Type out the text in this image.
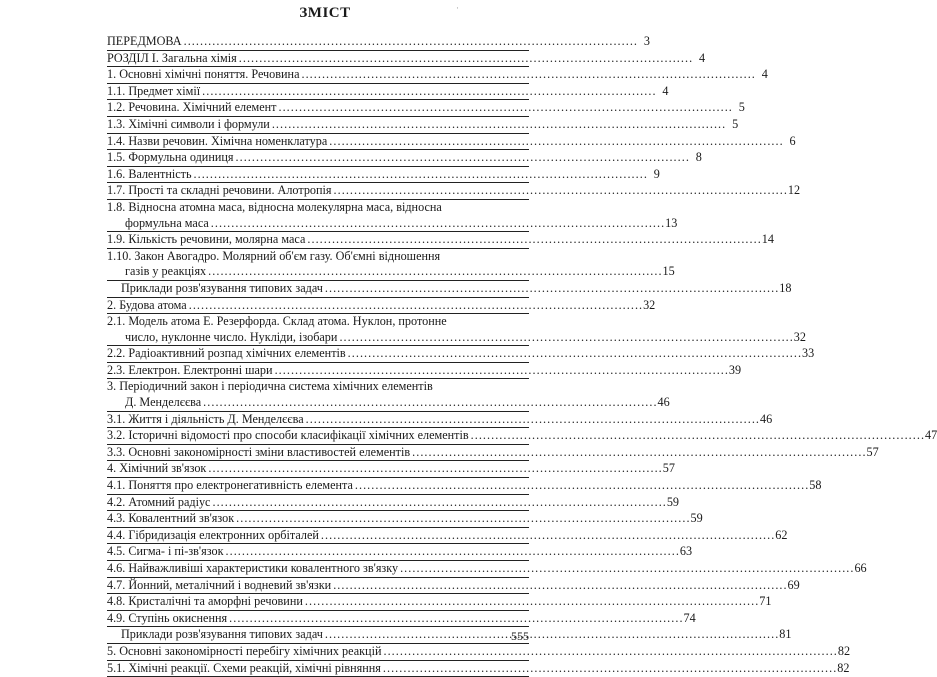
ЗМІСТ	·
ПЕРЕДМОВА . . .	3
РОЗДІЛ І. Загальна хімія . . .	4
1. Основні хімічні поняття. Речовина . . .	4
1.1. Предмет хімії . . .	4
1.2. Речовина. Хімічний елемент . . .	5
1.3. Хімічні символи і формули . . .	5
1.4. Назви речовин. Хімічна номенклатура . . .	6
1.5. Формульна одиниця . . .	8
1.6. Валентність . . .	9
1.7. Прості та складні речовини. Алотропія . . .	12
1.8. Відносна атомна маса, відносна молекулярна маса, відносна
формульна маса . . .	13
1.9. Кількість речовини, молярна маса . . .	14
1.10. Закон Авогадро. Молярний об'єм газу. Об'ємні відношення
газів у реакціях . . .	15
Приклади розв'язування типових задач . . .	18
2. Будова атома . . .	32
2.1. Модель атома Е. Резерфорда. Склад атома. Нуклон, протонне
число, нуклонне число. Нукліди, ізобари . . .	32
2.2. Радіоактивний розпад хімічних елементів . . .	33
2.3. Електрон. Електронні шари . . .	39
3. Періодичний закон і періодична система хімічних елементів
Д. Менделєєва . . .	46
3.1. Життя і діяльність Д. Менделєєва . . .	46
3.2. Історичні відомості про способи класифікації хімічних елементів . . .	47
3.3. Основні закономірності зміни властивостей елементів . . .	57
4. Хімічний зв'язок . . .	57
4.1. Поняття про електронегативність елемента . . .	58
4.2. Атомний радіус . . .	59
4.3. Ковалентний зв'язок . . .	59
4.4. Гібридизація електронних орбіталей . . .	62
4.5. Сигма- і пі-зв'язок . . .	63
4.6. Найважливіші характеристики ковалентного зв'язку . . .	66
4.7. Йонний, металічний і водневий зв'язки . . .	69
4.8. Кристалічні та аморфні речовини . . .	71
4.9. Ступінь окиснення . . .	74
Приклади розв'язування типових задач . . .	81
5. Основні закономірності перебігу хімічних реакцій . . .	82
5.1. Хімічні реакції. Схеми реакцій, хімічні рівняння . . .	82
555
